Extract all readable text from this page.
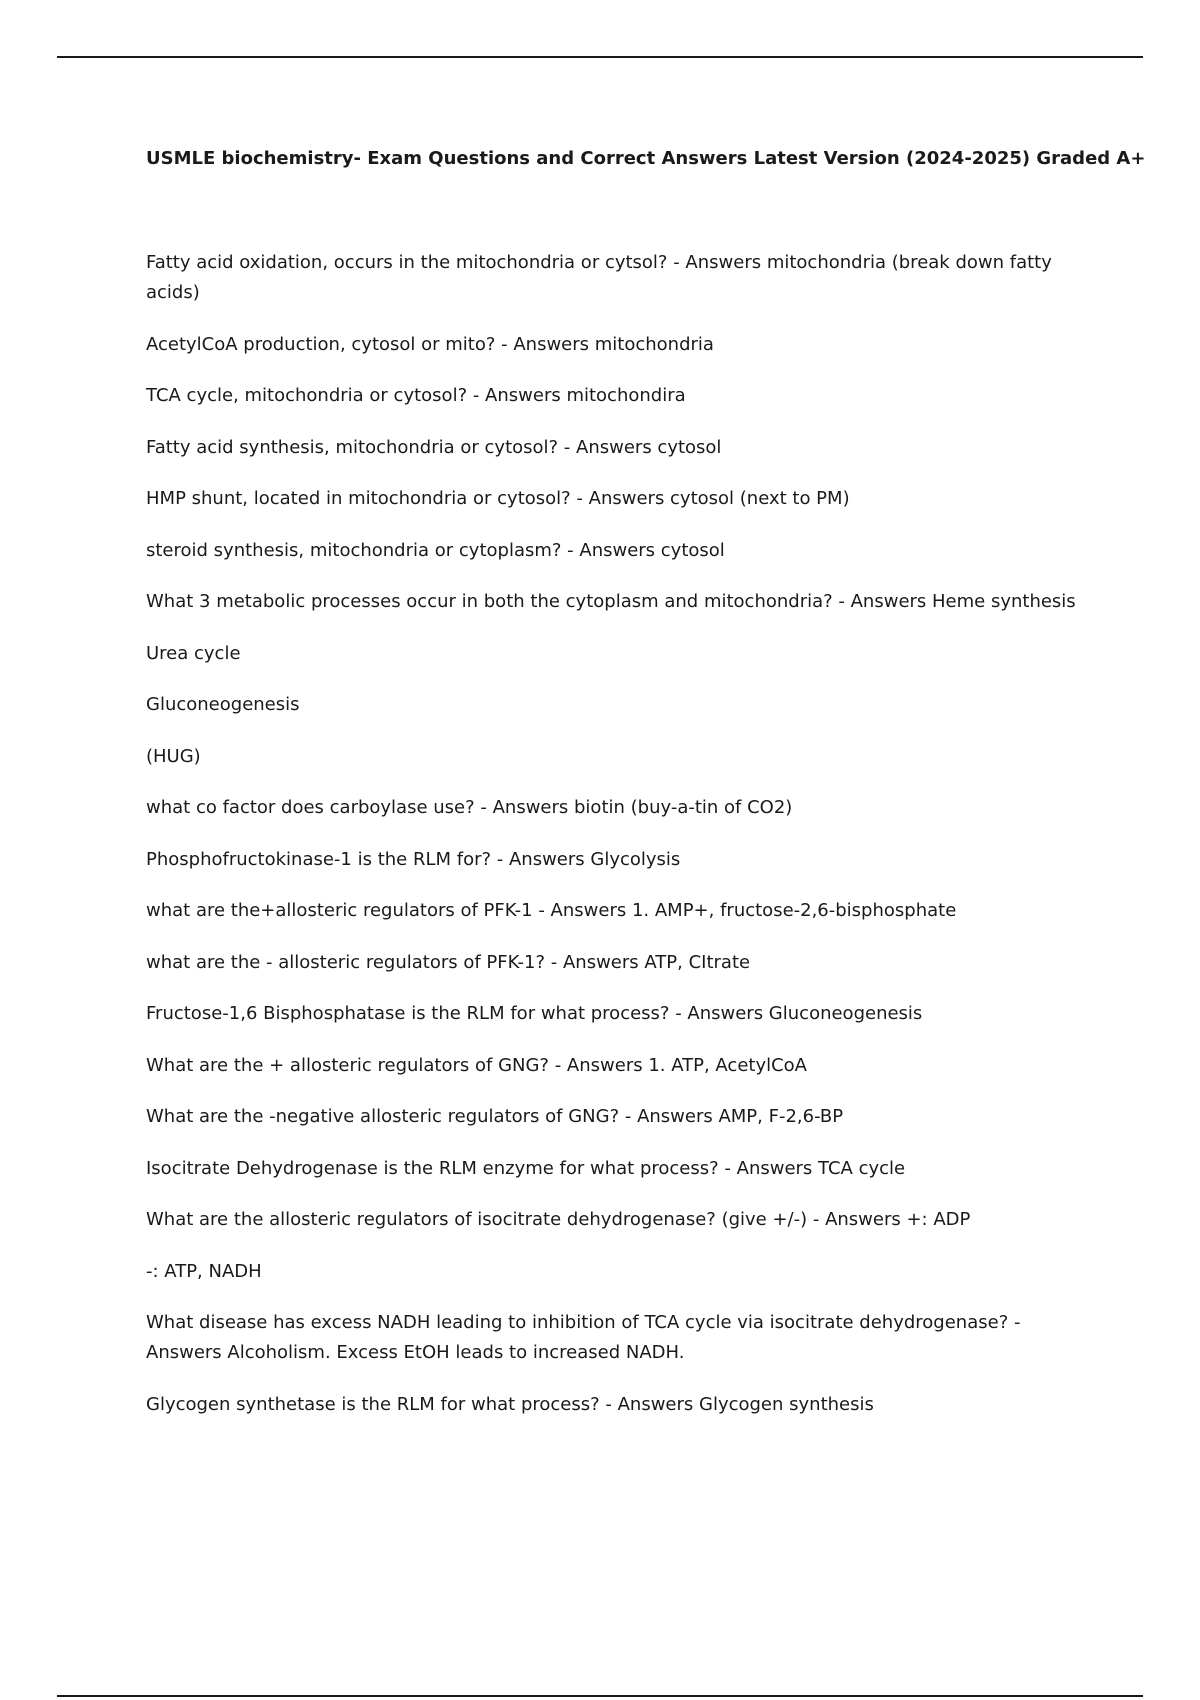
USMLE biochemistry- Exam Questions and Correct Answers Latest Version (2024-2025) Graded A+

Fatty acid oxidation, occurs in the mitochondria or cytsol? - Answers mitochondria (break down fatty acids)

AcetylCoA production, cytosol or mito? - Answers mitochondria

TCA cycle, mitochondria or cytosol? - Answers mitochondira

Fatty acid synthesis, mitochondria or cytosol? - Answers cytosol

HMP shunt, located in mitochondria or cytosol? - Answers cytosol (next to PM)

steroid synthesis, mitochondria or cytoplasm? - Answers cytosol

What 3 metabolic processes occur in both the cytoplasm and mitochondria? - Answers Heme synthesis

Urea cycle

Gluconeogenesis

(HUG)

what co factor does carboylase use? - Answers biotin (buy-a-tin of CO2)

Phosphofructokinase-1 is the RLM for? - Answers Glycolysis

what are the+allosteric regulators of PFK-1 - Answers 1. AMP+, fructose-2,6-bisphosphate

what are the - allosteric regulators of PFK-1? - Answers ATP, CItrate

Fructose-1,6 Bisphosphatase is the RLM for what process? - Answers Gluconeogenesis

What are the + allosteric regulators of GNG? - Answers 1. ATP, AcetylCoA

What are the -negative allosteric regulators of GNG? - Answers AMP, F-2,6-BP

Isocitrate Dehydrogenase is the RLM enzyme for what process? - Answers TCA cycle

What are the allosteric regulators of isocitrate dehydrogenase? (give +/-) - Answers +: ADP

-: ATP, NADH

What disease has excess NADH leading to inhibition of TCA cycle via isocitrate dehydrogenase? - Answers Alcoholism. Excess EtOH leads to increased NADH.

Glycogen synthetase is the RLM for what process? - Answers Glycogen synthesis
